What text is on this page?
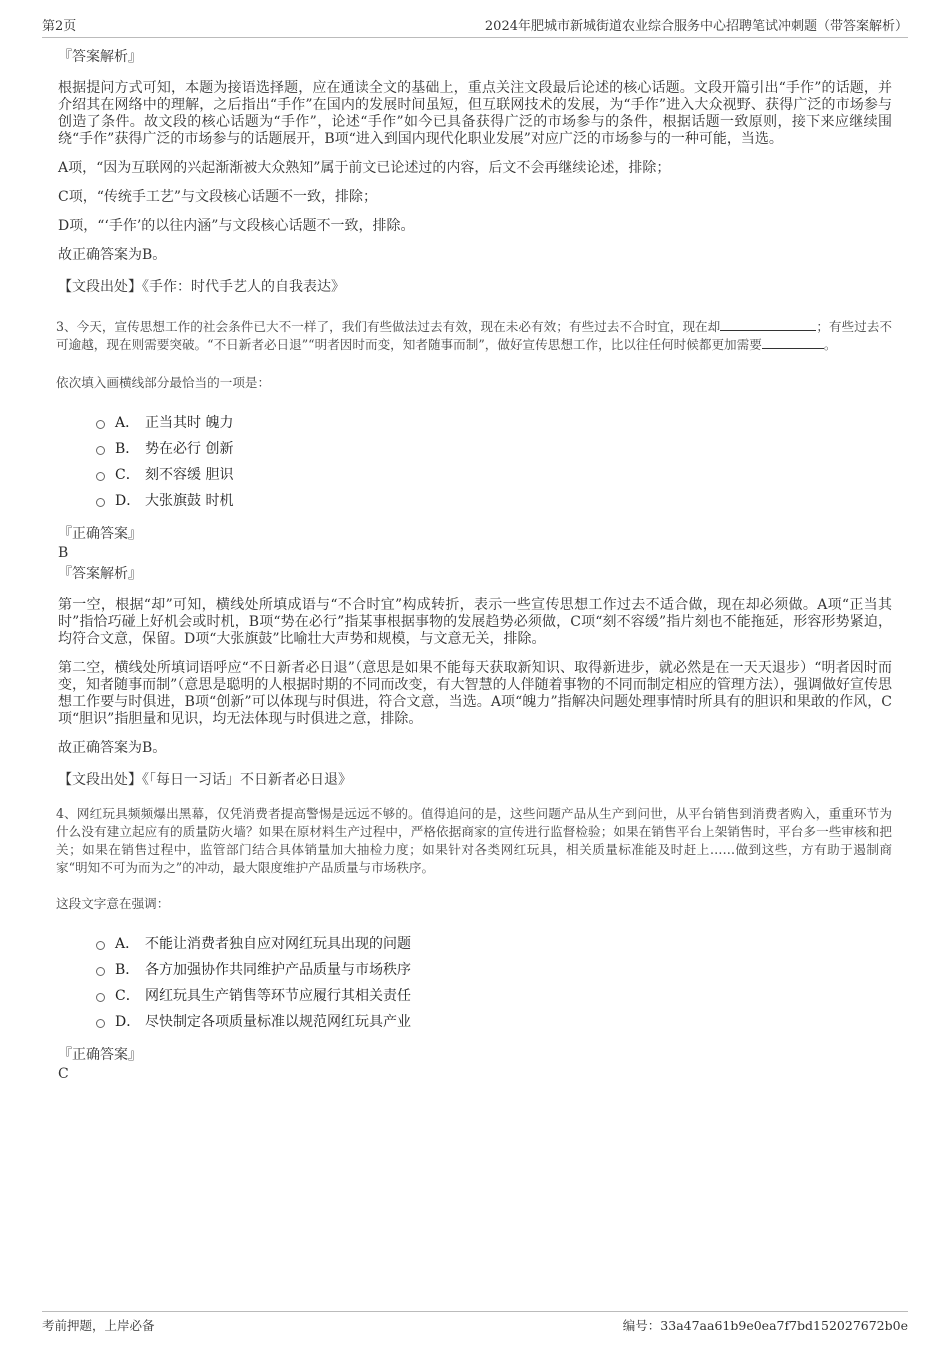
第2页	2024年肥城市新城街道农业综合服务中心招聘笔试冲刺题（带答案解析）
『答案解析』

根据提问方式可知，本题为接语选择题，应在通读全文的基础上，重点关注文段最后论述的核心话题。文段开篇引出“手作”的话题，并介绍其在网络中的理解，之后指出“手作”在国内的发展时间虽短，但互联网技术的发展，为“手作”进入大众视野、获得广泛的市场参与创造了条件。故文段的核心话题为“手作”，论述“手作”如今已具备获得广泛的市场参与的条件，根据话题一致原则，接下来应继续围绕“手作”获得广泛的市场参与的话题展开，B项“进入到国内现代化职业发展”对应广泛的市场参与的一种可能，当选。

A项，“因为互联网的兴起渐渐被大众熟知”属于前文已论述过的内容，后文不会再继续论述，排除；

C项，“传统手工艺”与文段核心话题不一致，排除；

D项，“‘手作’的以往内涵”与文段核心话题不一致，排除。

故正确答案为B。

【文段出处】《手作：时代手艺人的自我表达》

3、今天，宣传思想工作的社会条件已大不一样了，我们有些做法过去有效，现在未必有效；有些过去不合时宜，现在却	；有些过去不可逾越，现在则需要突破。“不日新者必日退”“明者因时而变，知者随事而制”，做好宣传思想工作，比以往任何时候都更加需要	。

依次填入画横线部分最恰当的一项是：

A． 正当其时 魄力
B． 势在必行 创新
C． 刻不容缓 胆识
D． 大张旗鼓 时机
『正确答案』
B
『答案解析』

第一空，根据“却”可知，横线处所填成语与“不合时宜”构成转折，表示一些宣传思想工作过去不适合做，现在却必须做。A项“正当其时”指恰巧碰上好机会或时机，B项“势在必行”指某事根据事物的发展趋势必须做，C项“刻不容缓”指片刻也不能拖延，形容形势紧迫，均符合文意，保留。D项“大张旗鼓”比喻壮大声势和规模，与文意无关，排除。

第二空，横线处所填词语呼应“不日新者必日退”（意思是如果不能每天获取新知识、取得新进步，就必然是在一天天退步）“明者因时而变，知者随事而制”（意思是聪明的人根据时期的不同而改变，有大智慧的人伴随着事物的不同而制定相应的管理方法），强调做好宣传思想工作要与时俱进，B项“创新”可以体现与时俱进，符合文意，当选。A项“魄力”指解决问题处理事情时所具有的胆识和果敢的作风，C项“胆识”指胆量和见识，均无法体现与时俱进之意，排除。

故正确答案为B。

【文段出处】《「每日一习话」不日新者必日退》

4、网红玩具频频爆出黑幕，仅凭消费者提高警惕是远远不够的。值得追问的是，这些问题产品从生产到问世，从平台销售到消费者购入，重重环节为什么没有建立起应有的质量防火墙？如果在原材料生产过程中，严格依据商家的宣传进行监督检验；如果在销售平台上架销售时，平台多一些审核和把关；如果在销售过程中，监管部门结合具体销量加大抽检力度；如果针对各类网红玩具，相关质量标准能及时赶上……做到这些，方有助于遏制商家“明知不可为而为之”的冲动，最大限度维护产品质量与市场秩序。

这段文字意在强调：

A． 不能让消费者独自应对网红玩具出现的问题
B． 各方加强协作共同维护产品质量与市场秩序
C． 网红玩具生产销售等环节应履行其相关责任
D． 尽快制定各项质量标准以规范网红玩具产业
『正确答案』
C
考前押题，上岸必备	编号：33a47aa61b9e0ea7f7bd152027672b0e
